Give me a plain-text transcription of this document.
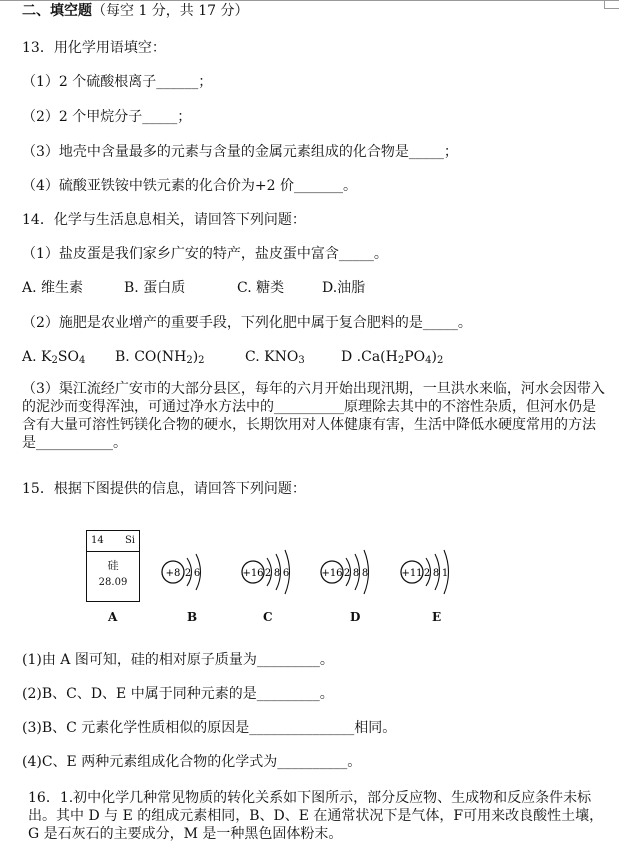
二、填空题（每空 1 分，共 17 分）
13．用化学用语填空：
（1）2 个硫酸根离子______；
（2）2 个甲烷分子_____；
（3）地壳中含量最多的元素与含量的金属元素组成的化合物是_____；
（4）硫酸亚铁铵中铁元素的化合价为+2 价_______。
14．化学与生活息息相关，请回答下列问题：
（1）盐皮蛋是我们家乡广安的特产，盐皮蛋中富含_____。
A. 维生素	B. 蛋白质	C. 糖类	D.油脂
（2）施肥是农业增产的重要手段，下列化肥中属于复合肥料的是_____。
A. $K_2SO_4$ B. $CO(NH_2)_2$	C. $KNO_3$	D $.Ca(H_2PO_4)_2$
（3）渠江流经广安市的大部分县区，每年的六月开始出现汛期，一旦洪水来临，河水会因带入的泥沙而变得浑浊，可通过净水方法中的__________原理除去其中的不溶性杂质，但河水仍是含有大量可溶性钙镁化合物的硬水，长期饮用对人体健康有害，生活中降低水硬度常用的方法是___________。
15．根据下图提供的信息，请回答下列问题：
14 Si
硅
28.09
A
+8 2 6	+16 2 8 6	+16 2 8 8	+11 2 8 1
B	C	D	E
(1)由 A 图可知，硅的相对原子质量为_________。
(2)B、C、D、E 中属于同种元素的是_________。
(3)B、C 元素化学性质相似的原因是_______________相同。
(4)C、E 两种元素组成化合物的化学式为__________。
16．1.初中化学几种常见物质的转化关系如下图所示，部分反应物、生成物和反应条件未标出。其中 D 与 E 的组成元素相同，B、D、E 在通常状况下是气体，F可用来改良酸性土壤，G 是石灰石的主要成分，M 是一种黑色固体粉末。
